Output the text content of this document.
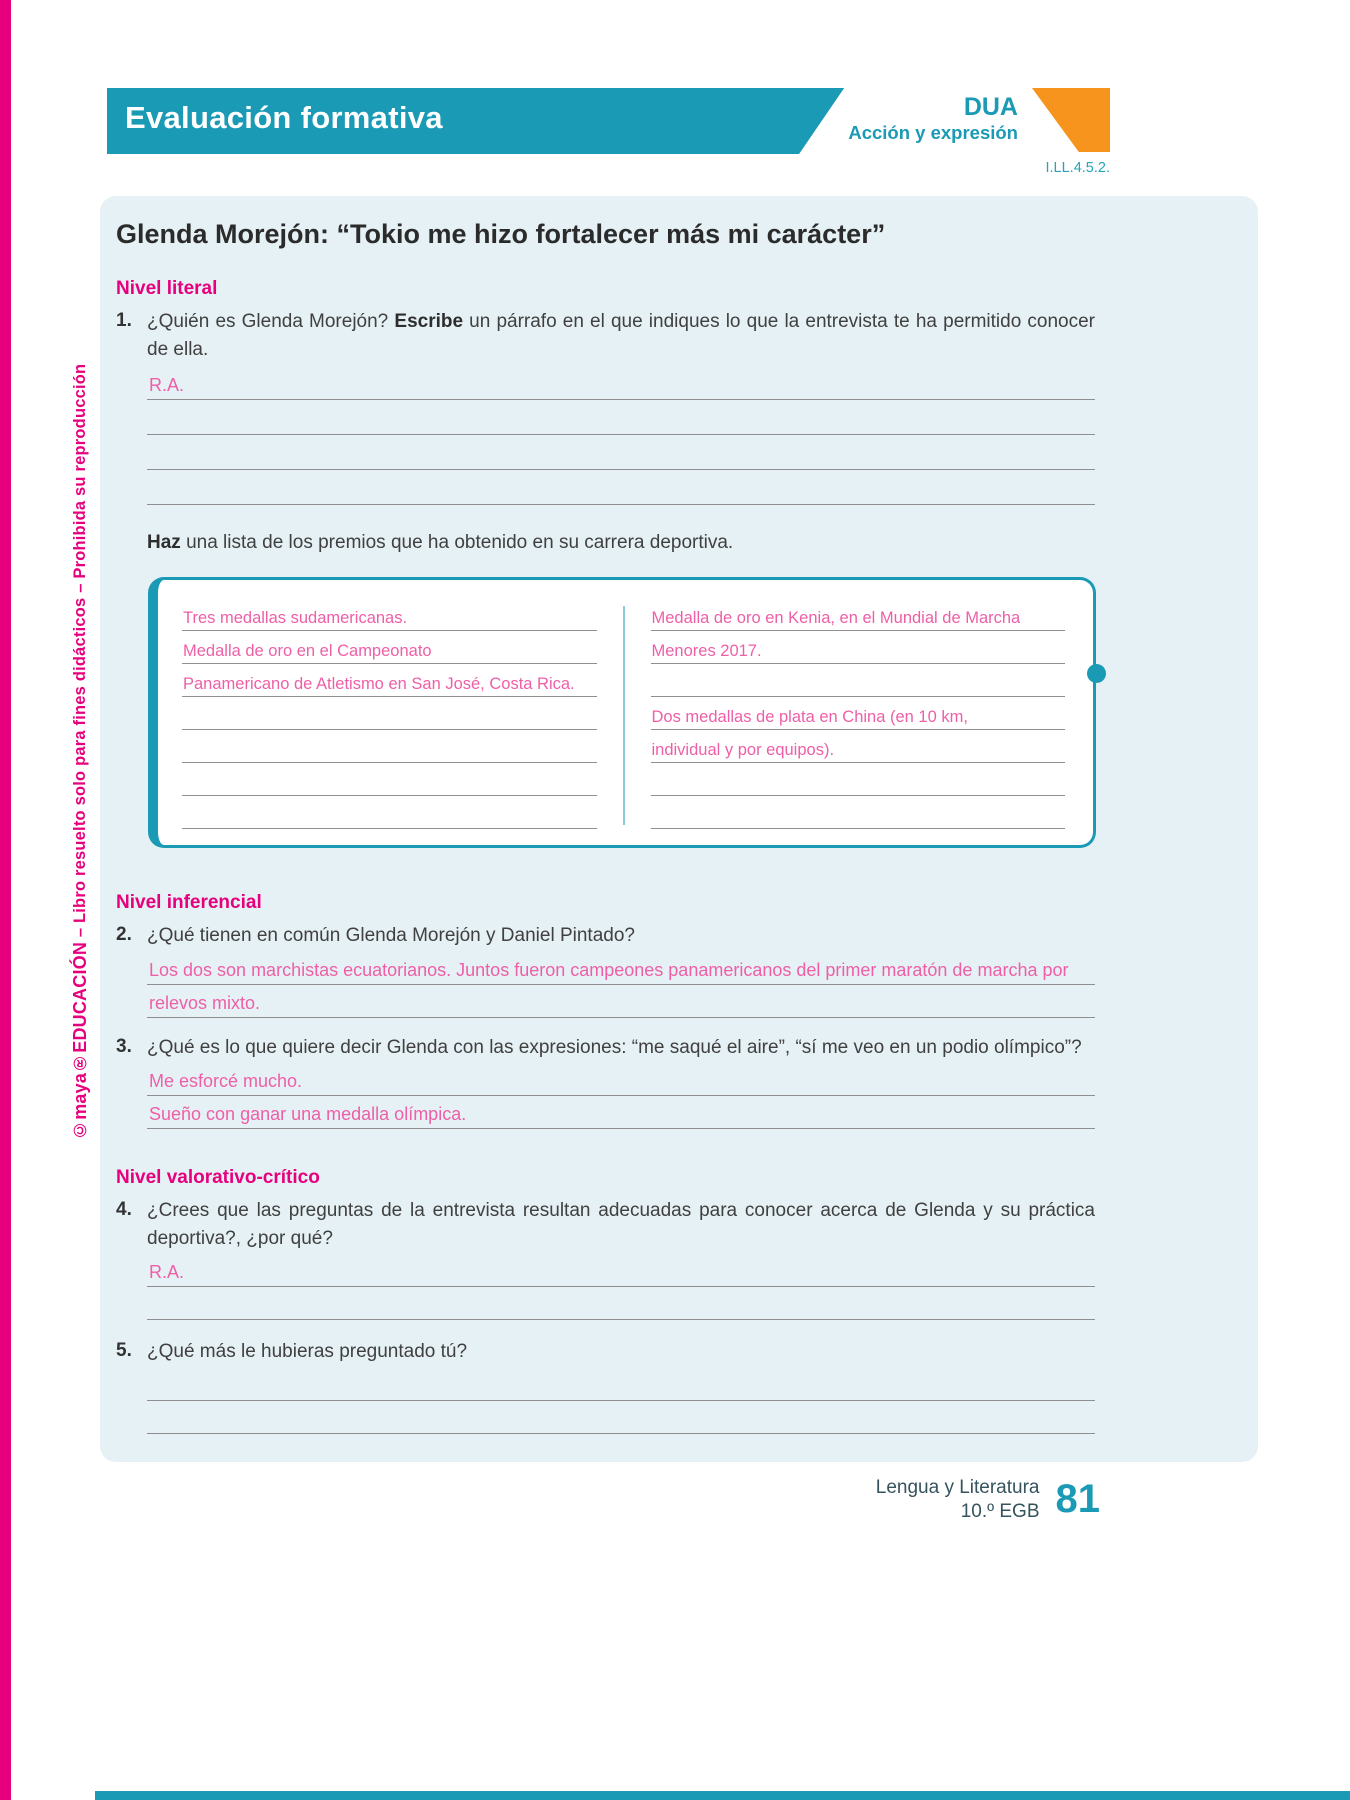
©maya®EDUCACIÓN – Libro resuelto solo para fines didácticos – Prohibida su reproducción
Evaluación formativa	DUA
Acción y expresión
I.LL.4.5.2.
Glenda Morejón: “Tokio me hizo fortalecer más mi carácter”
Nivel literal
1. ¿Quién es Glenda Morejón? Escribe un párrafo en el que indiques lo que la entrevista te ha permitido conocer de ella.

R.A.

Haz una lista de los premios que ha obtenido en su carrera deportiva.

Tres medallas sudamericanas.
Medalla de oro en el Campeonato
Panamericano de Atletismo en San José, Costa Rica.
Medalla de oro en Kenia, en el Mundial de Marcha
Menores 2017.
Dos medallas de plata en China (en 10 km,
individual y por equipos).
Nivel inferencial
2. ¿Qué tienen en común Glenda Morejón y Daniel Pintado?

Los dos son marchistas ecuatorianos. Juntos fueron campeones panamericanos del primer maratón de marcha por
relevos mixto.
3. ¿Qué es lo que quiere decir Glenda con las expresiones: “me saqué el aire”, “sí me veo en un podio olímpico”?

Me esforcé mucho.
Sueño con ganar una medalla olímpica.
Nivel valorativo-crítico
4. ¿Crees que las preguntas de la entrevista resultan adecuadas para conocer acerca de Glenda y su práctica deportiva?, ¿por qué?

R.A.
5. ¿Qué más le hubieras preguntado tú?

Lengua y Literatura
10.º EGB 81
